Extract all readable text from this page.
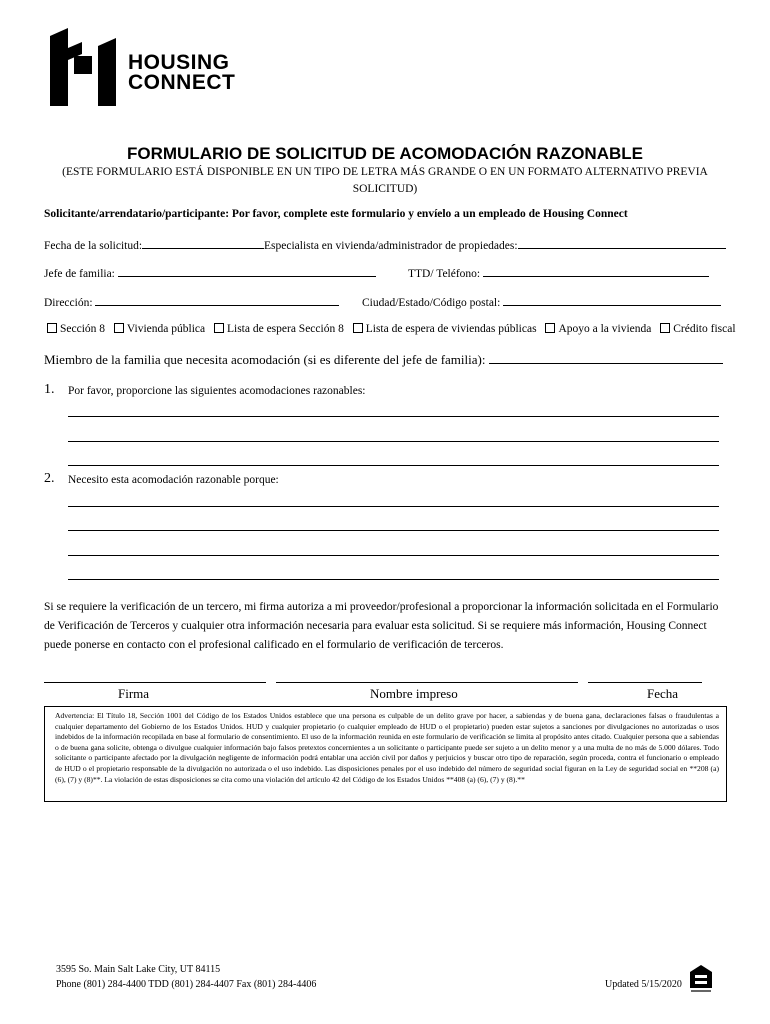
HOUSING
CONNECT
FORMULARIO DE SOLICITUD DE ACOMODACIÓN RAZONABLE
(ESTE FORMULARIO ESTÁ DISPONIBLE EN UN TIPO DE LETRA MÁS GRANDE O EN UN FORMATO ALTERNATIVO PREVIA SOLICITUD)
Solicitante/arrendatario/participante: Por favor, complete este formulario y envíelo a un empleado de Housing Connect
Fecha de la solicitud:	Especialista en vivienda/administrador de propiedades:
Jefe de familia:	TTD/ Teléfono:
Dirección:	Ciudad/Estado/Código postal:
Sección 8 Vivienda pública Lista de espera Sección 8 Lista de espera de viviendas públicas Apoyo a la vivienda Crédito fiscal
Miembro de la familia que necesita acomodación (si es diferente del jefe de familia):
1. Por favor, proporcione las siguientes acomodaciones razonables:
2. Necesito esta acomodación razonable porque:
Si se requiere la verificación de un tercero, mi firma autoriza a mi proveedor/profesional a proporcionar la información solicitada en el Formulario de Verificación de Terceros y cualquier otra información necesaria para evaluar esta solicitud. Si se requiere más información, Housing Connect puede ponerse en contacto con el profesional calificado en el formulario de verificación de terceros.
Firma	Nombre impreso	Fecha
Advertencia: El Título 18, Sección 1001 del Código de los Estados Unidos establece que una persona es culpable de un delito grave por hacer, a sabiendas y de buena gana, declaraciones falsas o fraudulentas a cualquier departamento del Gobierno de los Estados Unidos. HUD y cualquier propietario (o cualquier empleado de HUD o el propietario) pueden estar sujetos a sanciones por divulgaciones no autorizadas o usos indebidos de la información recopilada en base al formulario de consentimiento. El uso de la información reunida en este formulario de verificación se limita al propósito antes citado. Cualquier persona que a sabiendas o de buena gana solicite, obtenga o divulgue cualquier información bajo falsos pretextos concernientes a un solicitante o participante puede ser sujeto a un delito menor y a una multa de no más de 5.000 dólares. Todo solicitante o participante afectado por la divulgación negligente de información podrá entablar una acción civil por daños y perjuicios y buscar otro tipo de reparación, según proceda, contra el funcionario o empleado de HUD o el propietario responsable de la divulgación no autorizada o el uso indebido. Las disposiciones penales por el uso indebido del número de seguridad social figuran en la Ley de seguridad social en **208 (a) (6), (7) y (8)**. La violación de estas disposiciones se cita como una violación del artículo 42 del Código de los Estados Unidos **408 (a) (6), (7) y (8).**
3595 So. Main Salt Lake City, UT 84115
Phone (801) 284-4400 TDD (801) 284-4407 Fax (801) 284-4406	Updated 5/15/2020
